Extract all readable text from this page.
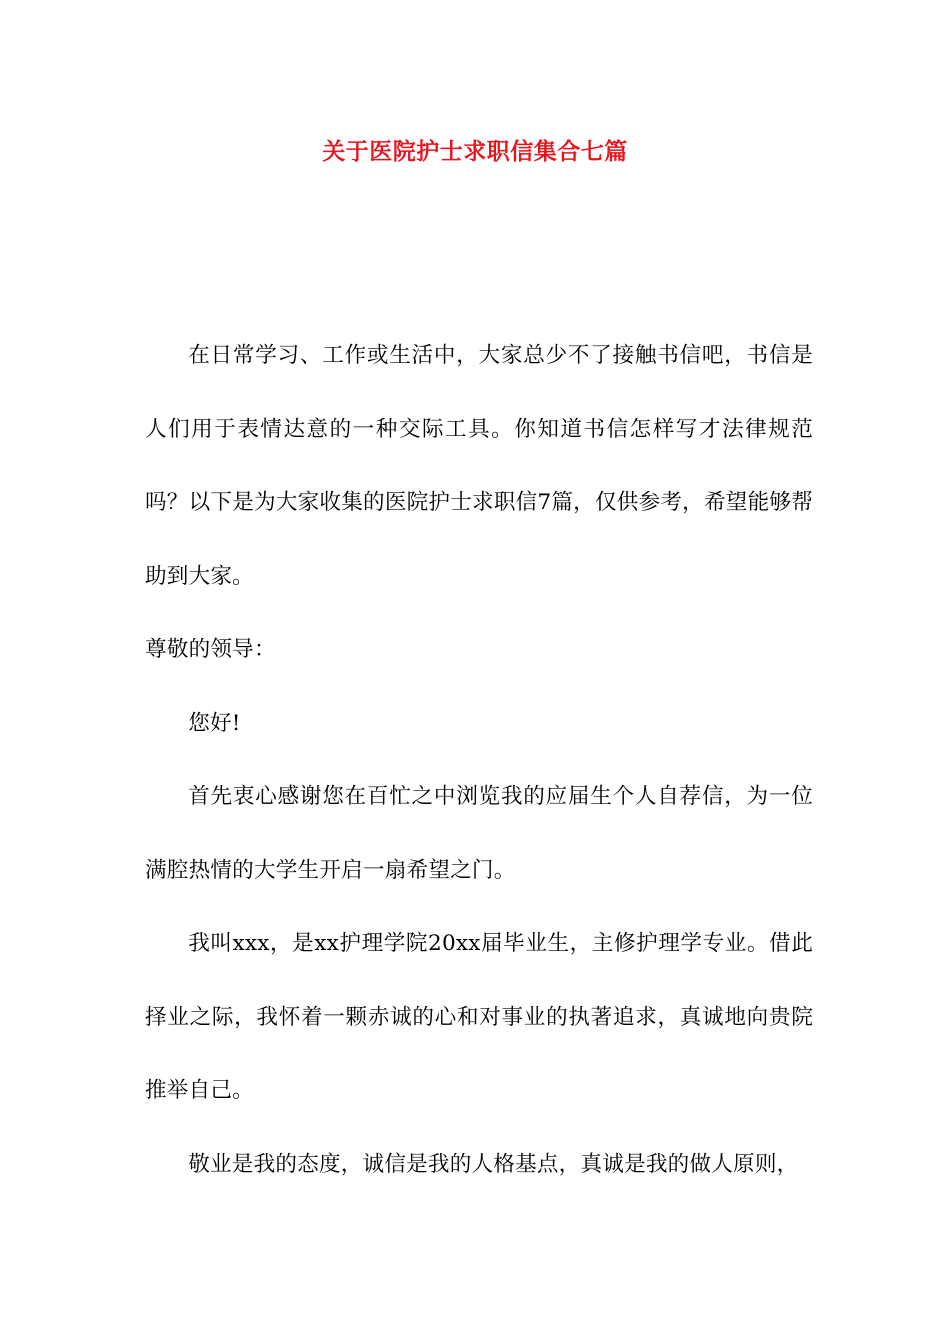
关于医院护士求职信集合七篇

在日常学习、工作或生活中，大家总少不了接触书信吧，书信是人们用于表情达意的一种交际工具。你知道书信怎样写才法律规范吗？以下是为大家收集的医院护士求职信7篇，仅供参考，希望能够帮助到大家。

尊敬的领导：

您好!

首先衷心感谢您在百忙之中浏览我的应届生个人自荐信，为一位满腔热情的大学生开启一扇希望之门。

我叫xxx，是xx护理学院20xx届毕业生，主修护理学专业。借此择业之际，我怀着一颗赤诚的心和对事业的执著追求，真诚地向贵院推举自己。

敬业是我的态度，诚信是我的人格基点，真诚是我的做人原则，
